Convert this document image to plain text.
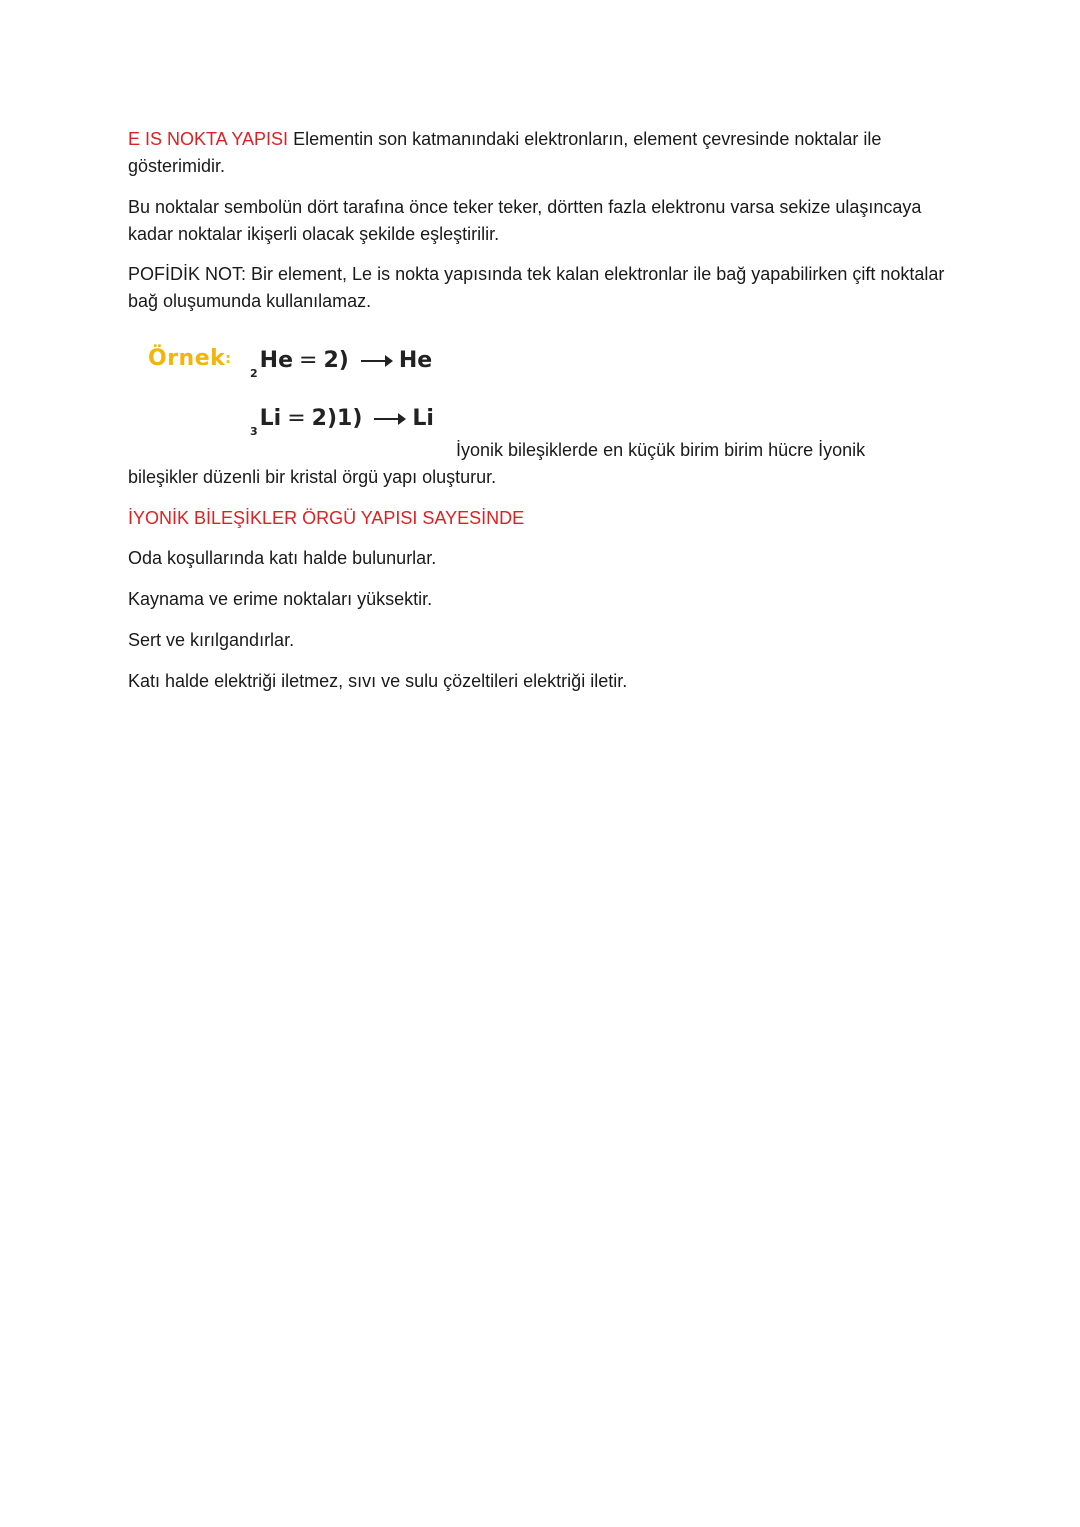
E IS NOKTA YAPISI Elementin son katmanındaki elektronların, element çevresinde noktalar ile gösterimidir.

Bu noktalar sembolün dört tarafına önce teker teker, dörtten fazla elektronu varsa sekize ulaşıncaya kadar noktalar ikişerli olacak şekilde eşleştirilir.

POFİDİK NOT: Bir element, Le is nokta yapısında tek kalan elektronlar ile bağ yapabilirken çift noktalar bağ oluşumunda kullanılamaz.

Örnek:
$_2$He = 2) He
$_3$Li = 2)1) Li

İyonik bileşiklerde en küçük birim birim hücre İyonik

bileşikler düzenli bir kristal örgü yapı oluşturur.

İYONİK BİLEŞİKLER ÖRGÜ YAPISI SAYESİNDE

Oda koşullarında katı halde bulunurlar.

Kaynama ve erime noktaları yüksektir.

Sert ve kırılgandırlar.

Katı halde elektriği iletmez, sıvı ve sulu çözeltileri elektriği iletir.
